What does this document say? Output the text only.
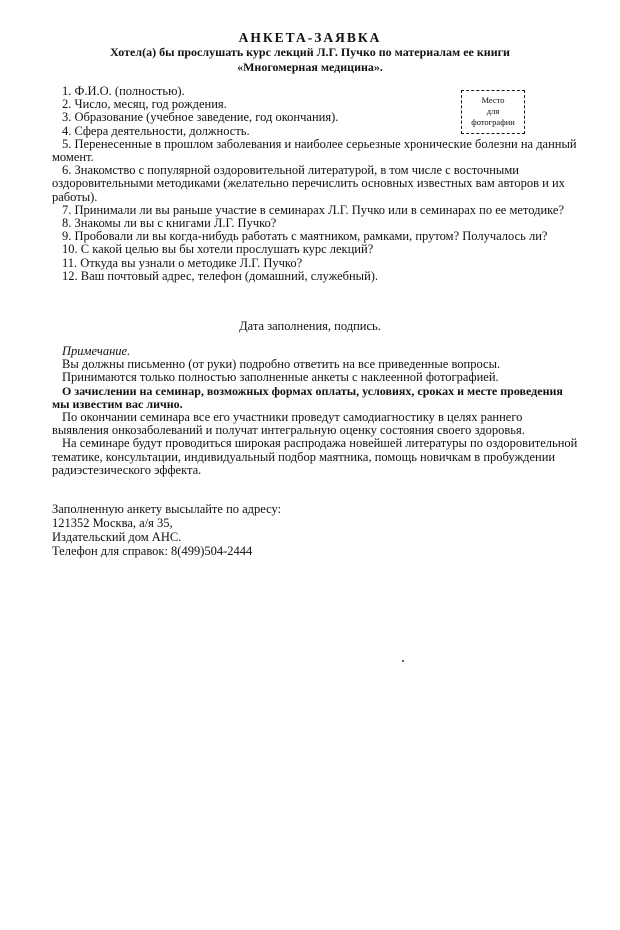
АНКЕТА-ЗАЯВКА
Хотел(а) бы прослушать курс лекций Л.Г. Пучко по материалам ее книги
«Многомерная медицина».
Место
для
фотографии

1. Ф.И.О. (полностью).

2. Число, месяц, год рождения.

3. Образование (учебное заведение, год окончания).

4. Сфера деятельности, должность.

5. Перенесенные в прошлом заболевания и наиболее серьезные хронические болезни на данный момент.

6. Знакомство с популярной оздоровительной литературой, в том числе с восточными оздоровительными методиками (желательно перечислить основных известных вам авторов и их работы).

7. Принимали ли вы раньше участие в семинарах Л.Г. Пучко или в семинарах по ее методике?

8. Знакомы ли вы с книгами Л.Г. Пучко?

9. Пробовали ли вы когда-нибудь работать с маятником, рамками, прутом? Получалось ли?

10. С какой целью вы бы хотели прослушать курс лекций?

11. Откуда вы узнали о методике Л.Г. Пучко?

12. Ваш почтовый адрес, телефон (домашний, служебный).

Дата заполнения, подпись.

Примечание.

Вы должны письменно (от руки) подробно ответить на все приведенные вопросы.

Принимаются только полностью заполненные анкеты с наклеенной фотографией.

О зачислении на семинар, возможных формах оплаты, условиях, сроках и месте проведения мы известим вас лично.

По окончании семинара все его участники проведут самодиагностику в целях раннего выявления онкозаболеваний и получат интегральную оценку состояния своего здоровья.

На семинаре будут проводиться широкая распродажа новейшей литературы по оздоровительной тематике, консультации, индивидуальный подбор маятника, помощь новичкам в пробуждении радиэстезического эффекта.

Заполненную анкету высылайте по адресу:

121352 Москва, а/я 35,

Издательский дом АНС.

Телефон для справок: 8(499)504-2444
